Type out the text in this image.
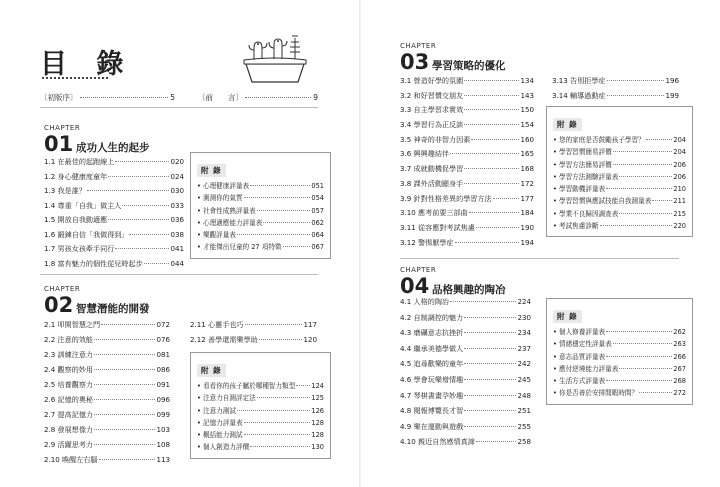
目 錄
〔初版序〕	5	〔前　　言〕	9
CHAPTER
01 成功人生的起步
1.1 在最佳的起跑線上	020
1.2 身心健康度童年	024
1.3 我是誰？	030
1.4 尊重「自我」做主人	033
1.5 開放自我動適應	036
1.6 鍛鍊自信「我做得到」	038
1.7 男孩女孩牽手同行	041
1.8 富有魅力的個性從兒時起步	044
附 錄
• 心理健康評量表	051
• 測測你的氣質	054
• 社會性成熟評量表	057
• 心理適應能力評量表	062
• 樂觀評量表	064
• 才能傑出兒童的 27 項特徵	067
CHAPTER
02 智慧潛能的開發
2.1 叩開智慧之門	072
2.2 注意的效能	076
2.3 訓練注意力	081
2.4 觀察的妙用	086
2.5 培養觀察力	091
2.6 記憶的奧秘	096
2.7 提高記憶力	099
2.8 發展想像力	103
2.9 活躍思考力	108
2.10 喚醒左右腦	113
2.11 心靈手也巧	117
2.12 善學還需樂學助	120
附 錄
• 看看你的孩子屬於哪種智力類型 124
• 注意力自測評定法	125
• 注意力測試	126
• 記憶力評量表	128
• 概括能力測試	128
• 個人創造力評價	130
CHAPTER
03 學習策略的優化
3.1 營造好學的氛圍	134
3.2 和好習慣交朋友	143
3.3 自主學習求實效	150
3.4 學習行為正反談	154
3.5 神奇的非智力因素	160
3.6 興興趣結伴	165
3.7 成就動機促學習	168
3.8 課外活動顯身手	172
3.9 針對性格差異的學習方法	177
3.10 應考前要三部曲	184
3.11 從容應對考試焦慮	190
3.12 警惕厭學症	194
3.13 告別拒學症	196
3.14 輔導過動症	199
附 錄
• 您的家庭是否鼓勵孩子學習？	204
• 學習習慣簡易評價	204
• 學習方法簡易評價	206
• 學習方法測驗評量表	206
• 學習動機評量表	210
• 學習習慣與應試技能自我測量表	211
• 學業不良歸因調查表	215
• 考試焦慮診斷	220
CHAPTER
04 品格興趣的陶冶
4.1 人格的陶冶	224
4.2 自制調控的魅力	230
4.3 磨礪意志抗挫折	234
4.4 繼承美德學做人	237
4.5 追尋歡樂的童年	242
4.6 學會玩樂增情趣	245
4.7 琴棋書畫孕妙趣	248
4.8 閱報博覽長才智	251
4.9 樂在運動與遊戲	255
4.10 親近自然感情真諦	258
附 錄
• 個人修養評量表	262
• 情緒穩定性評量表	263
• 意志品質評量表	266
• 應付逆境能力評量表	267
• 生活方式評量表	268
• 你是否善於安排閒暇時間？	272
